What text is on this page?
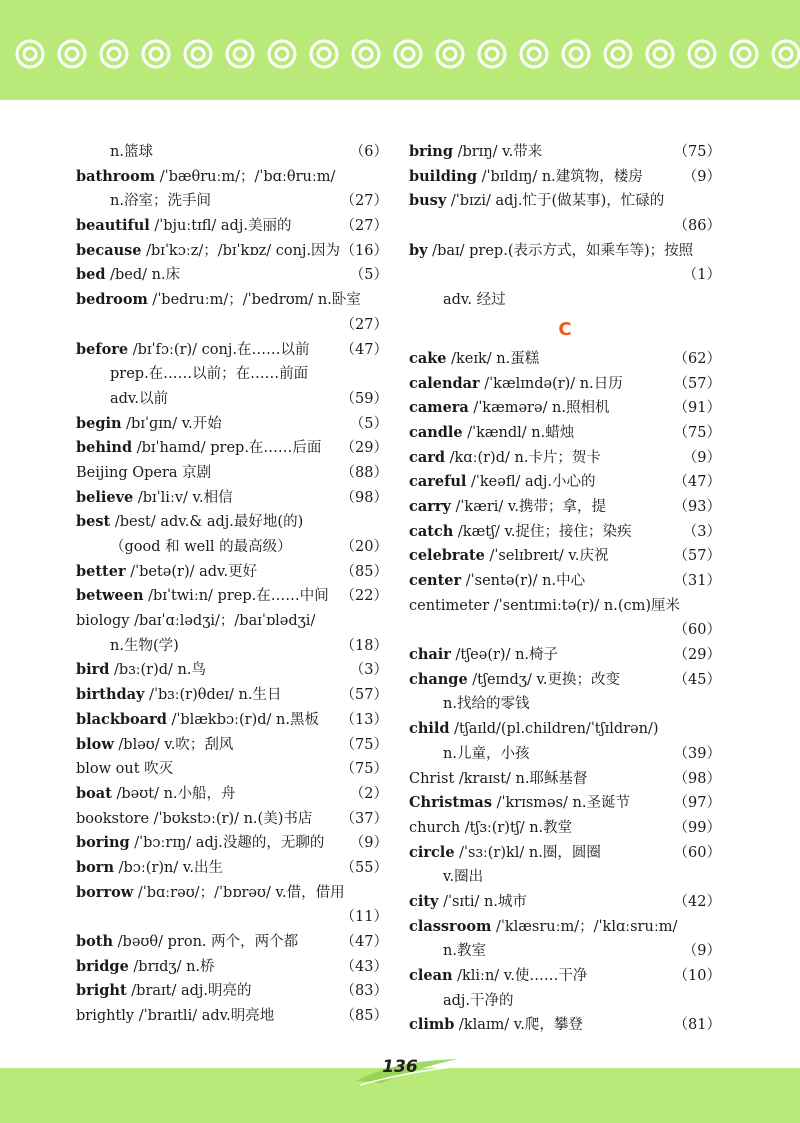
n.篮球	（6）
bathroom /ˈbæθruːm/；/ˈbɑːθruːm/
n.浴室；洗手间	（27）
beautiful /ˈbjuːtɪfl/ adj.美丽的	（27）
because /bɪˈkɔːz/；/bɪˈkɒz/ conj.因为 （16）
bed /bed/ n.床	（5）
bedroom /ˈbedruːm/；/ˈbedrʊm/ n.卧室
（27）
before /bɪˈfɔː(r)/ conj.在……以前 （47）
prep.在……以前；在……前面
adv.以前	（59）
begin /bɪˈɡɪn/ v.开始	（5）
behind /bɪˈhaɪnd/ prep.在……后面 （29）
Beijing Opera 京剧	（88）
believe /bɪˈliːv/ v.相信	（98）
best /best/ adv.& adj.最好地(的)
（good 和 well 的最高级）	（20）
better /ˈbetə(r)/ adv.更好	（85）
between /bɪˈtwiːn/ prep.在……中间 （22）
biology /baɪˈɑːlədʒi/；/baɪˈɒlədʒi/
n.生物(学)	（18）
bird /bɜː(r)d/ n.鸟	（3）
birthday /ˈbɜː(r)θdeɪ/ n.生日	（57）
blackboard /ˈblækbɔː(r)d/ n.黑板 （13）
blow /bləʊ/ v.吹；刮风	（75）
blow out 吹灭	（75）
boat /bəʊt/ n.小船，舟	（2）
bookstore /ˈbʊkstɔː(r)/ n.(美)书店 （37）
boring /ˈbɔːrɪŋ/ adj.没趣的，无聊的 （9）
born /bɔː(r)n/ v.出生	（55）
borrow /ˈbɑːrəʊ/；/ˈbɒrəʊ/ v.借，借用
（11）
both /bəʊθ/ pron. 两个，两个都	（47）
bridge /brɪdʒ/ n.桥	（43）
bright /braɪt/ adj.明亮的	（83）
brightly /ˈbraɪtli/ adv.明亮地	（85）
bring /brɪŋ/ v.带来	（75）
building /ˈbɪldɪŋ/ n.建筑物，楼房	（9）
busy /ˈbɪzi/ adj.忙于(做某事)，忙碌的
（86）
by /baɪ/ prep.(表示方式，如乘车等)；按照
（1）
adv. 经过
C
cake /keɪk/ n.蛋糕	（62）
calendar /ˈkælɪndə(r)/ n.日历	（57）
camera /ˈkæmərə/ n.照相机	（91）
candle /ˈkændl/ n.蜡烛	（75）
card /kɑː(r)d/ n.卡片；贺卡	（9）
careful /ˈkeəfl/ adj.小心的	（47）
carry /ˈkæri/ v.携带；拿，提	（93）
catch /kætʃ/ v.捉住；接住；染疾	（3）
celebrate /ˈselɪbreɪt/ v.庆祝	（57）
center /ˈsentə(r)/ n.中心	（31）
centimeter /ˈsentɪmiːtə(r)/ n.(cm)厘米
（60）
chair /tʃeə(r)/ n.椅子	（29）
change /tʃeɪndʒ/ v.更换；改变	（45）
n.找给的零钱
child /tʃaɪld/(pl.children/ˈtʃɪldrən/)
n.儿童，小孩	（39）
Christ /kraɪst/ n.耶稣基督	（98）
Christmas /ˈkrɪsməs/ n.圣诞节	（97）
church /tʃɜː(r)tʃ/ n.教堂	（99）
circle /ˈsɜː(r)kl/ n.圈，圆圈	（60）
v.圈出
city /ˈsɪti/ n.城市	（42）
classroom /ˈklæsruːm/；/ˈklɑːsruːm/
n.教室	（9）
clean /kliːn/ v.使……干净	（10）
adj.干净的
climb /klaɪm/ v.爬，攀登	（81）
136
